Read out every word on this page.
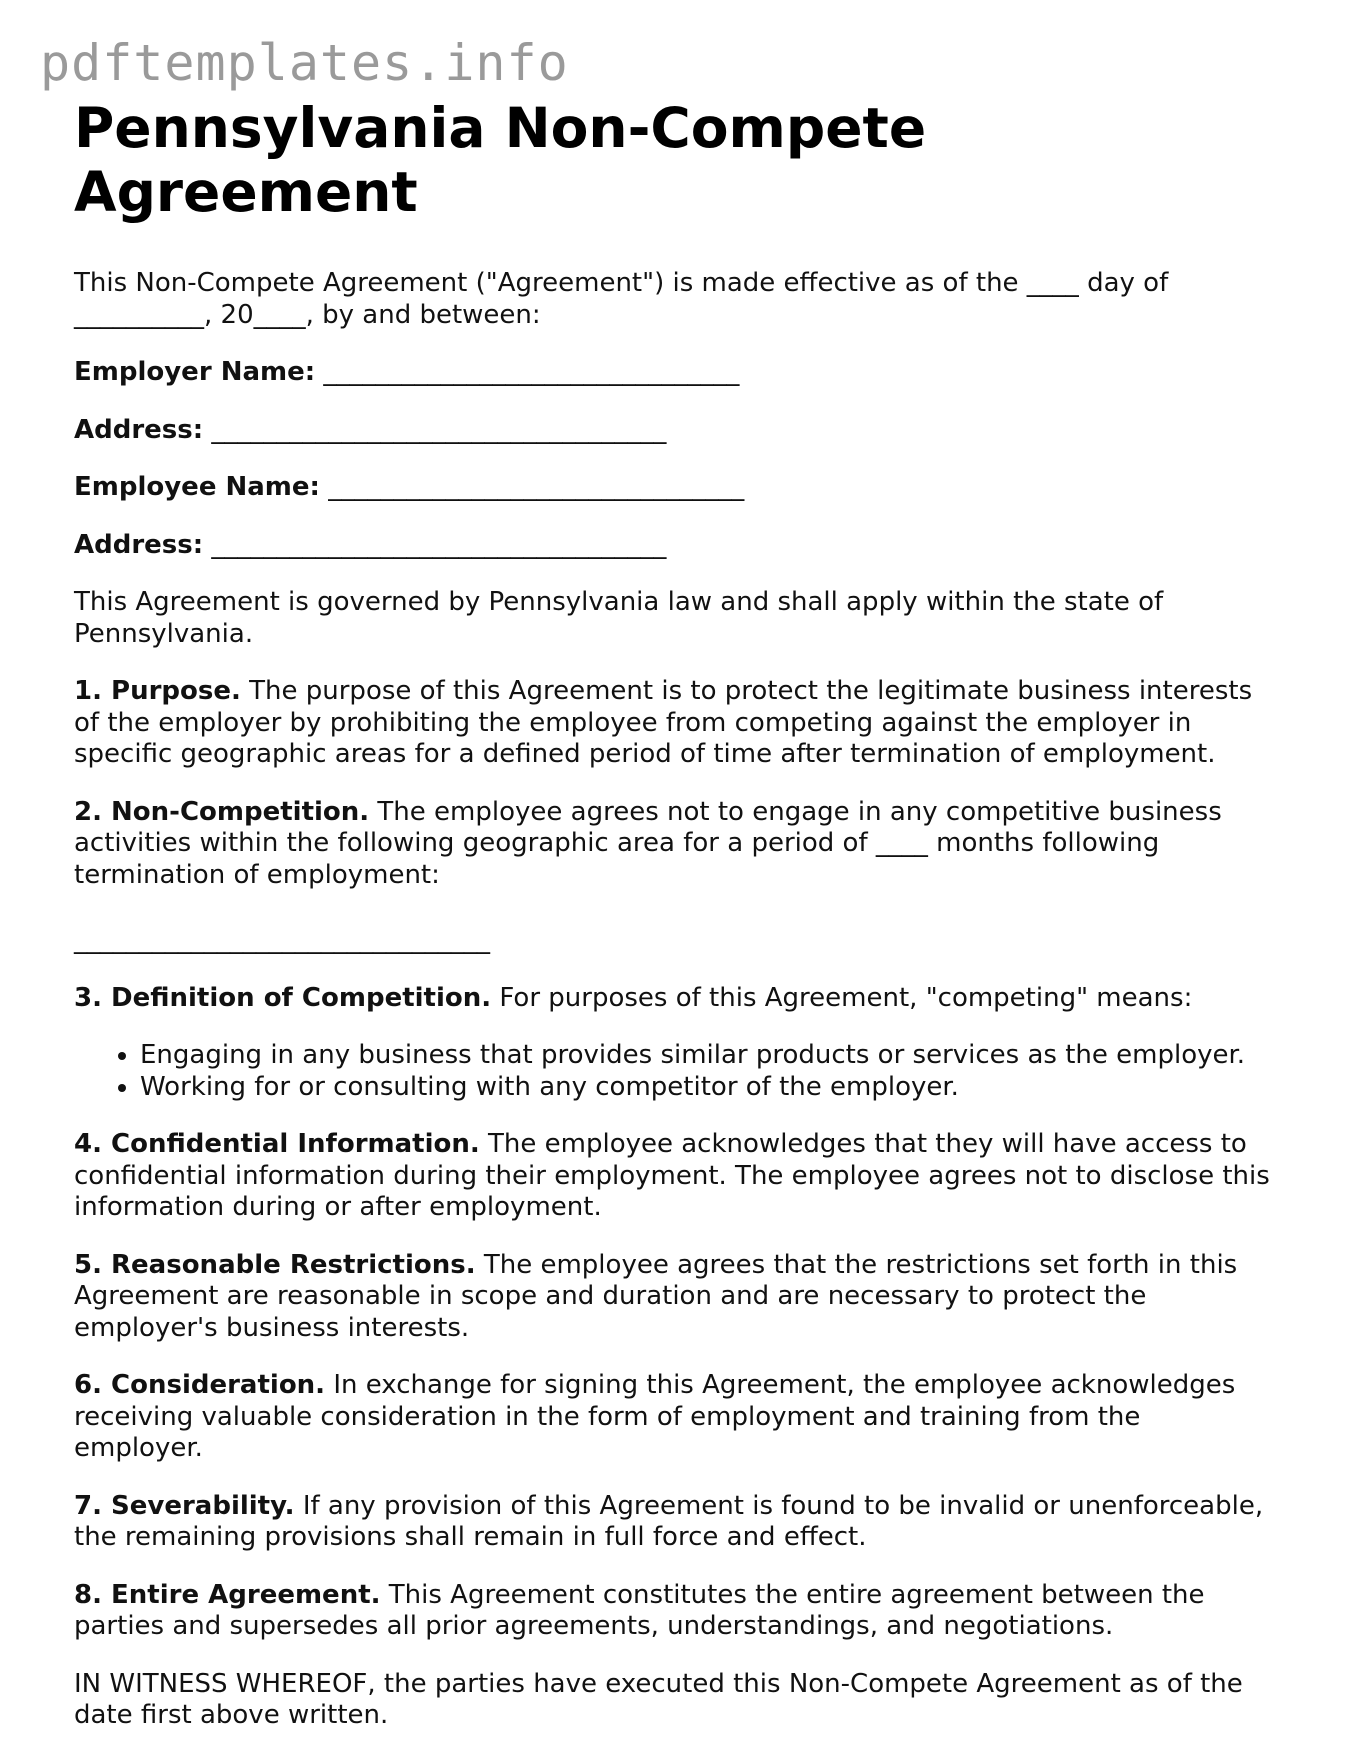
pdftemplates.info
Pennsylvania Non-Compete Agreement

This Non-Compete Agreement ("Agreement") is made effective as of the ____ day of __________, 20____, by and between:

Employer Name: ________________________________
Address: ___________________________________
Employee Name: ________________________________
Address: ___________________________________

This Agreement is governed by Pennsylvania law and shall apply within the state of Pennsylvania.

1. Purpose. The purpose of this Agreement is to protect the legitimate business interests of the employer by prohibiting the employee from competing against the employer in specific geographic areas for a defined period of time after termination of employment.

2. Non-Competition. The employee agrees not to engage in any competitive business activities within the following geographic area for a period of ____ months following termination of employment:

________________________________

3. Definition of Competition. For purposes of this Agreement, "competing" means:

• Engaging in any business that provides similar products or services as the employer.
• Working for or consulting with any competitor of the employer.

4. Confidential Information. The employee acknowledges that they will have access to confidential information during their employment. The employee agrees not to disclose this information during or after employment.

5. Reasonable Restrictions. The employee agrees that the restrictions set forth in this Agreement are reasonable in scope and duration and are necessary to protect the employer's business interests.

6. Consideration. In exchange for signing this Agreement, the employee acknowledges receiving valuable consideration in the form of employment and training from the employer.

7. Severability. If any provision of this Agreement is found to be invalid or unenforceable, the remaining provisions shall remain in full force and effect.

8. Entire Agreement. This Agreement constitutes the entire agreement between the parties and supersedes all prior agreements, understandings, and negotiations.

IN WITNESS WHEREOF, the parties have executed this Non-Compete Agreement as of the date first above written.
